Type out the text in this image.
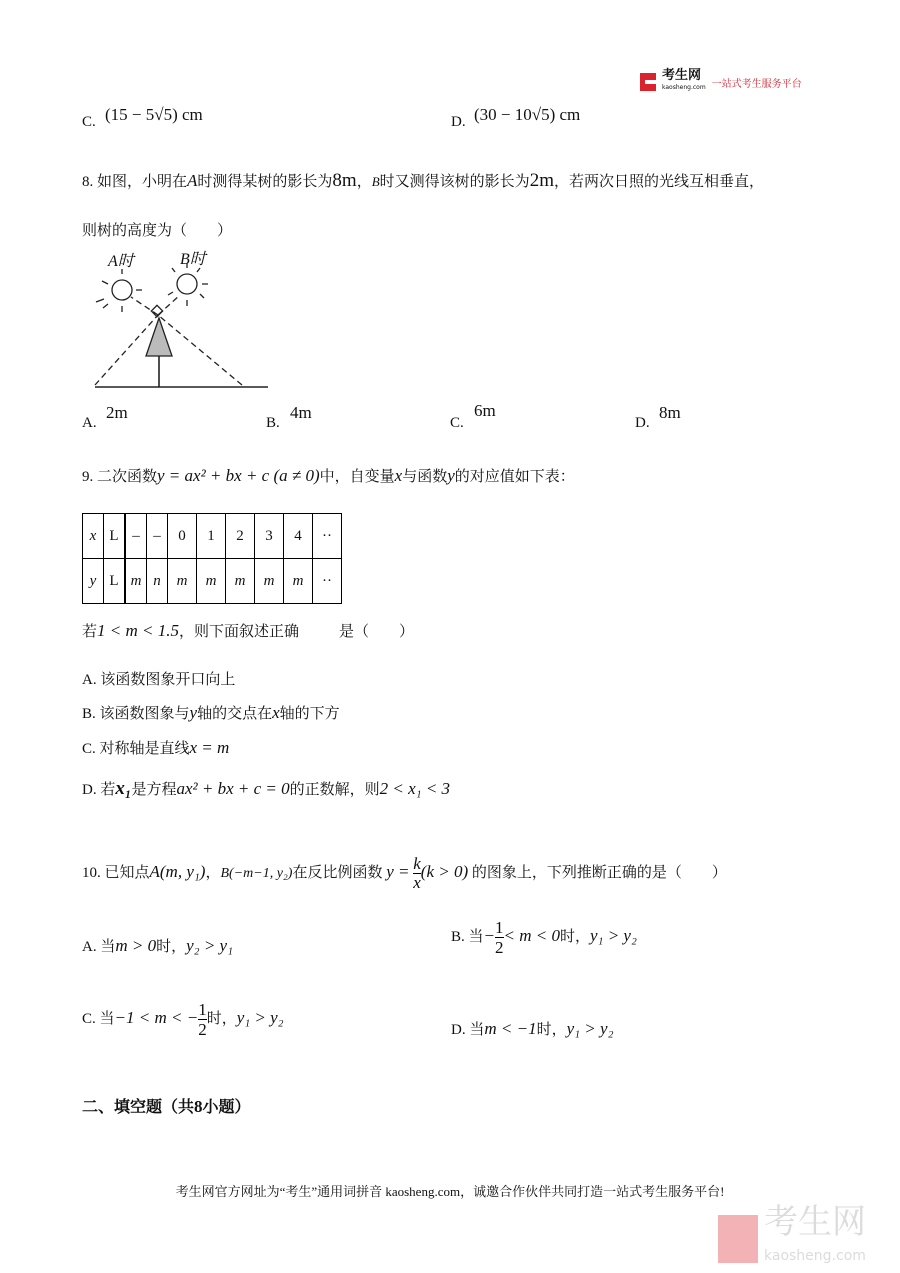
考生网
kaosheng.com 一站式考生服务平台
C. (15 − 5√5) cm	D. (30 − 10√5) cm
8. 如图，小明在A时测得某树的影长为8m，B时又测得该树的影长为2m，若两次日照的光线互相垂直，
则树的高度为（　　）
A时	B时
A.
2m
B.
4m
C.
6m
D.
8m
9. 二次函数y = ax² + bx + c (a ≠ 0)中，自变量x与函数y的对应值如下表：
x	L	–	–	0	1	2	3	4	··
y	L	m	n	m	m	m	m	m	··
若1 < m < 1.5，则下面叙述正确	是（　　）
A. 该函数图象开口向上
B. 该函数图象与y轴的交点在x轴的下方
C. 对称轴是直线x = m
D. 若x₁是方程ax² + bx + c = 0的正数解，则2 < x₁ < 3
10. 已知点A(m, y₁)，B(−m−1, y₂)在反比例函数 $y = \frac{k}{x} (k > 0)$ 的图象上，下列推断正确的是（　　）
A. 当m > 0时，y₂ > y₁	B. 当− $\frac{1}{2} < m < 0$时，y₁ > y₂
C. 当−1 < m < − $\frac{1}{2}$ 时，y₁ > y₂
D. 当m < −1时，y₁ > y₂
二、填空题（共8小题）
考生网官方网址为“考生”通用词拼音 kaosheng.com，诚邀合作伙伴共同打造一站式考生服务平台!
考生网
kaosheng.com
